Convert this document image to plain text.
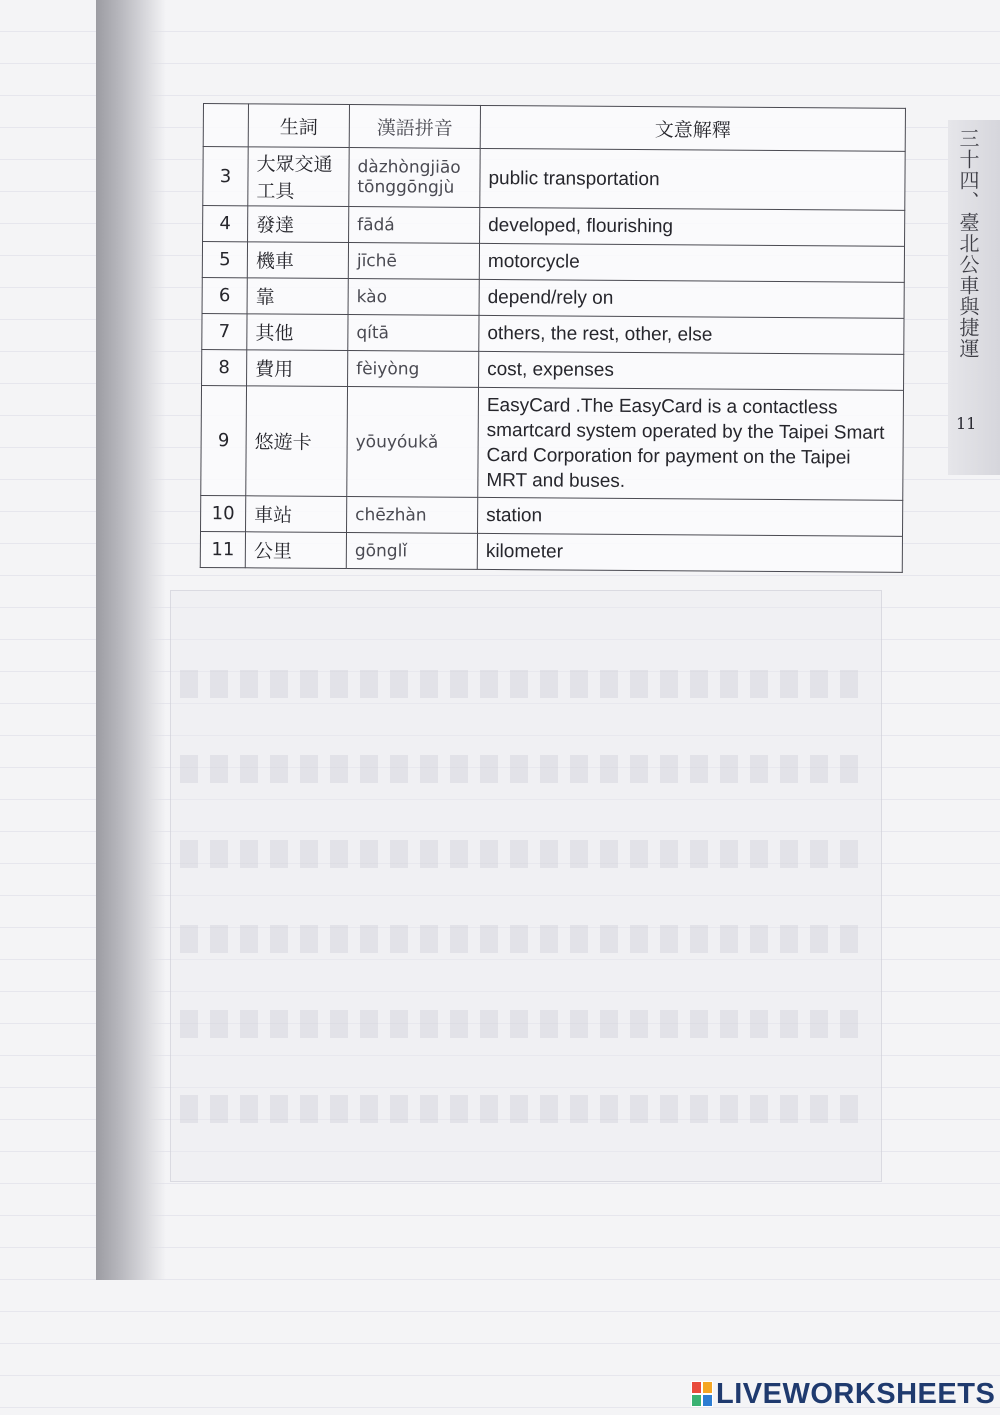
三十四、臺北公車與捷運
11
	生詞	漢語拼音	文意解釋
3	大眾交通工具	dàzhòngjiāo tōnggōngjù	public transportation
4	發達	fādá	developed, flourishing
5	機車	jīchē	motorcycle
6	靠	kào	depend/rely on
7	其他	qítā	others, the rest, other, else
8	費用	fèiyòng	cost, expenses
9	悠遊卡	yōuyóukǎ	EasyCard .The EasyCard is a contactless smartcard system operated by the Taipei Smart Card Corporation for payment on the Taipei MRT and buses.
10	車站	chēzhàn	station
11	公里	gōnglǐ	kilometer
LIVEWORKSHEETS
